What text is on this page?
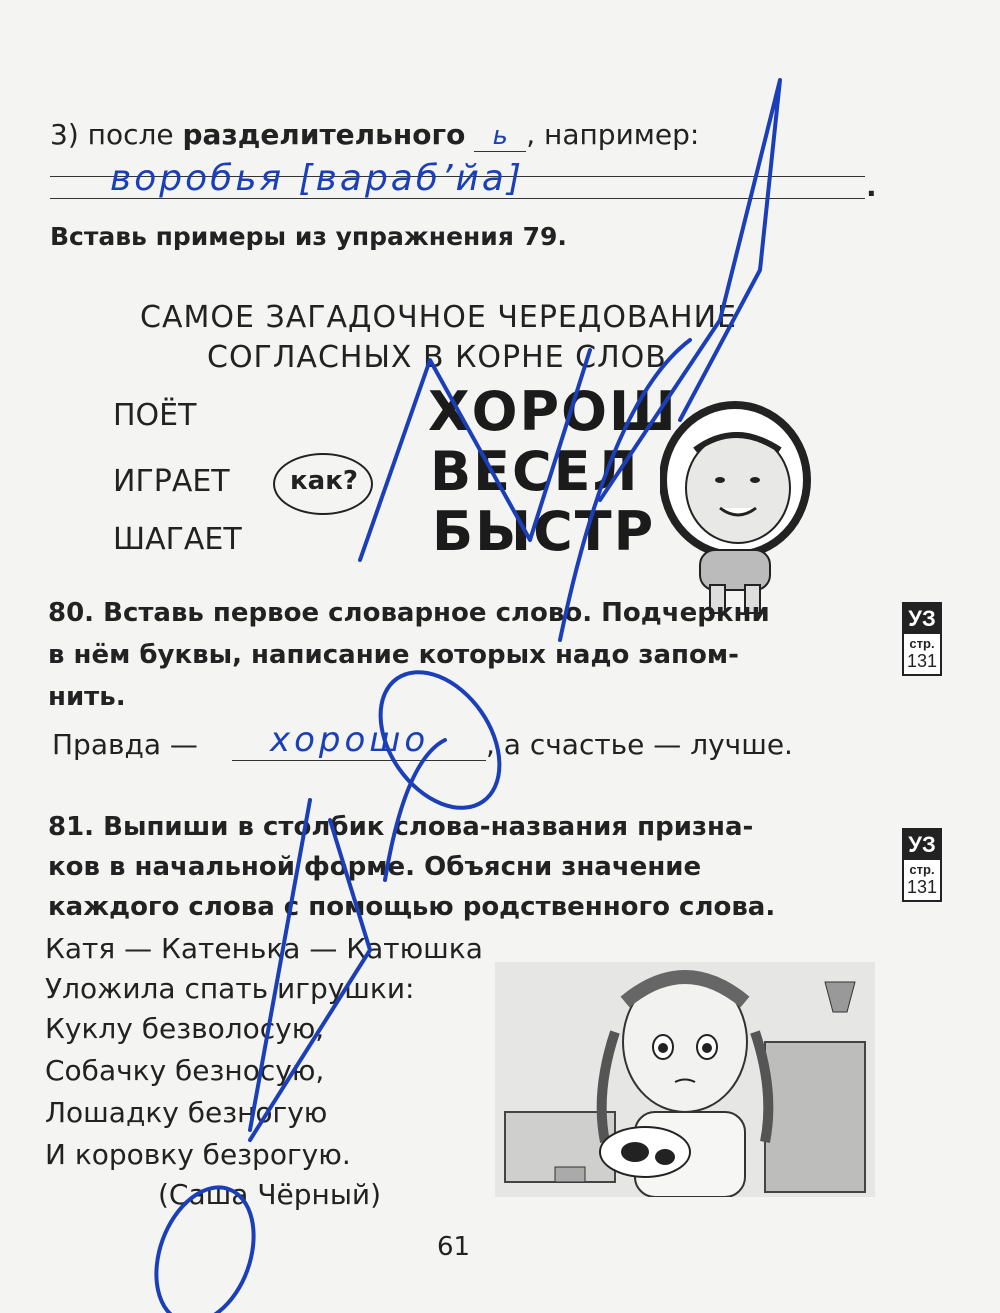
3) после разделительного ь , например:
воробья [варaб’йа]	.
Вставь примеры из упражнения 79.
САМОЕ ЗАГАДОЧНОЕ ЧЕРЕДОВАНИЕ
СОГЛАСНЫХ В КОРНЕ СЛОВ
ПОЁТ
ИГРАЕТ
ШАГАЕТ
как?
ХОРОШ
ВЕСЕЛ
БЫСТР
80. Вставь первое словарное слово. Подчеркни
в нём буквы, написание которых надо запом-
нить.
УЗ
стр.
131
Правда — хорошо , а счастье — лучше.
81. Выпиши в столбик слова-названия призна-
ков в начальной форме. Объясни значение
каждого слова с помощью родственного слова.
УЗ
стр.
131
Катя — Катенька — Катюшка
Уложила спать игрушки:
Куклу безволосую,
Собачку безносую,
Лошадку безногую
И коровку безрогую.
(Саша Чёрный)
61
